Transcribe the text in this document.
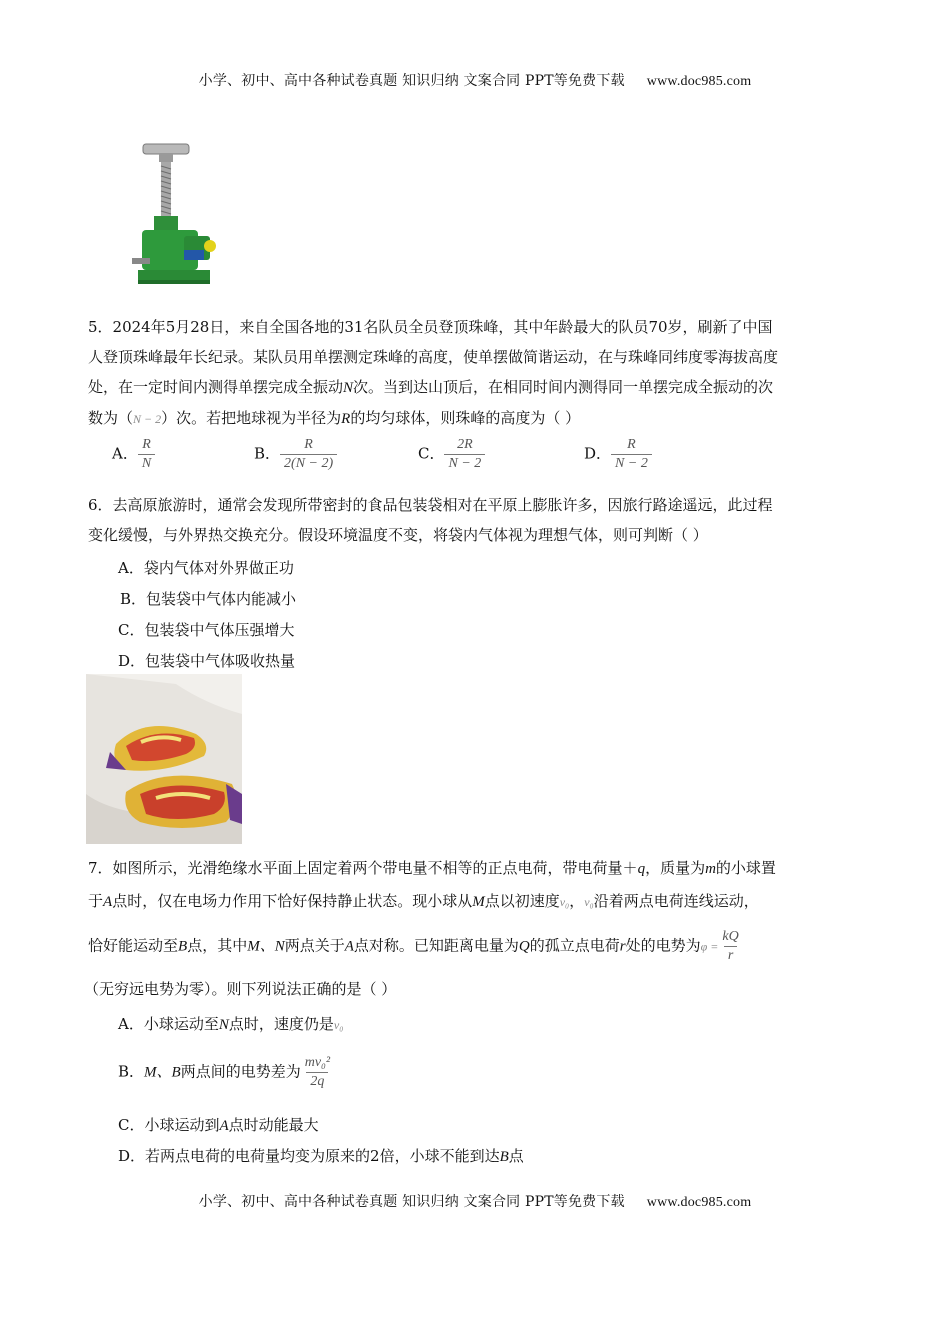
小学、初中、高中各种试卷真题 知识归纳 文案合同 PPT等免费下载 www.doc985.com
5．2024年5月28日，来自全国各地的31名队员全员登顶珠峰，其中年龄最大的队员70岁，刷新了中国
人登顶珠峰最年长纪录。某队员用单摆测定珠峰的高度，使单摆做简谐运动，在与珠峰同纬度零海拔高度
处，在一定时间内测得单摆完成全振动N次。当到达山顶后，在相同时间内测得同一单摆完成全振动的次
数为（N − 2）次。若把地球视为半径为R的均匀球体，则珠峰的高度为（ ）
A． $\frac{R}{N}$	B． $\frac{R}{2(N - 2)}$	C． $\frac{2R}{N - 2}$	D． $\frac{R}{N - 2}$
6．去高原旅游时，通常会发现所带密封的食品包装袋相对在平原上膨胀许多，因旅行路途遥远，此过程
变化缓慢，与外界热交换充分。假设环境温度不变，将袋内气体视为理想气体，则可判断（ ）
A．袋内气体对外界做正功
B．包装袋中气体内能减小
C．包装袋中气体压强增大
D．包装袋中气体吸收热量
7．如图所示，光滑绝缘水平面上固定着两个带电量不相等的正点电荷，带电荷量＋q，质量为m的小球置
于A点时，仅在电场力作用下恰好保持静止状态。现小球从M点以初速度v₀，v₀沿着两点电荷连线运动，
恰好能运动至B点，其中M、N两点关于A点对称。已知距离电量为Q的孤立点电荷r处的电势为$\varphi = \frac{kQ}{r}$
（无穷远电势为零）。则下列说法正确的是（ ）
A．小球运动至N点时，速度仍是v₀
B．M、B两点间的电势差为 $\frac{\text{mv₀²}}{2q}$
C．小球运动到A点时动能最大
D．若两点电荷的电荷量均变为原来的2倍，小球不能到达B点
小学、初中、高中各种试卷真题 知识归纳 文案合同 PPT等免费下载 www.doc985.com
